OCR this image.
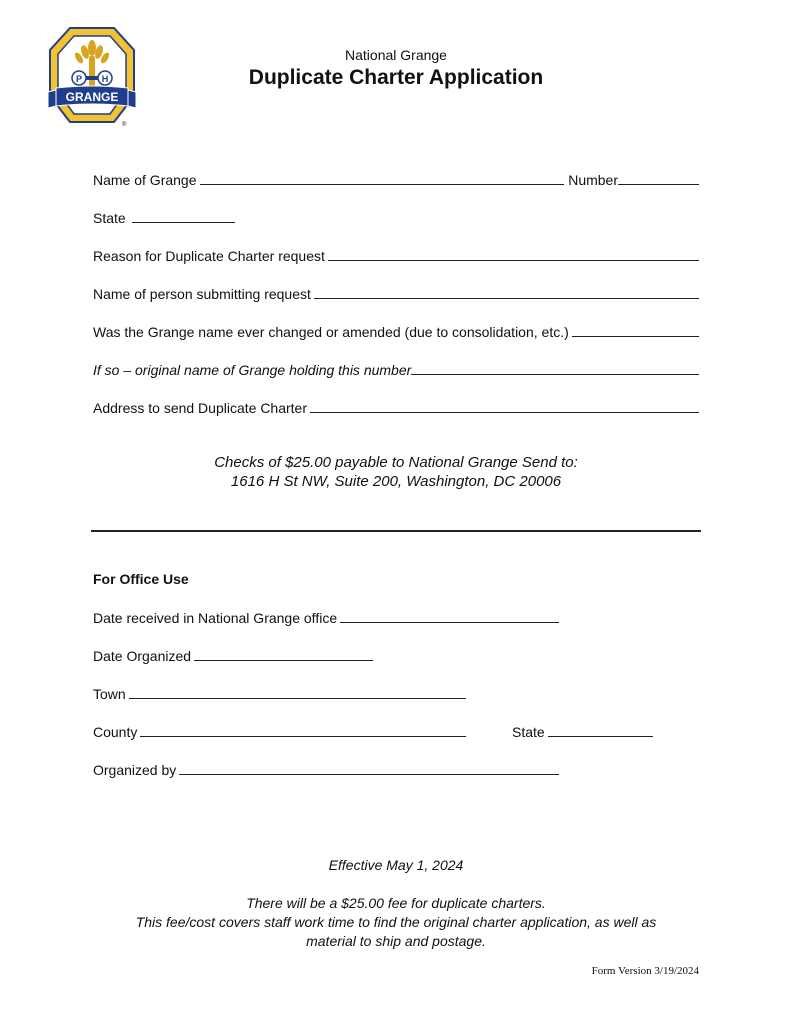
P H
GRANGE
®
National Grange
Duplicate Charter Application
Name of Grange	Number
State
Reason for Duplicate Charter request
Name of person submitting request
Was the Grange name ever changed or amended (due to consolidation, etc.)
If so – original name of Grange holding this number
Address to send Duplicate Charter
Checks of $25.00 payable to National Grange Send to:
1616 H St NW, Suite 200, Washington, DC 20006
For Office Use
Date received in National Grange office
Date Organized
Town
County	State
Organized by
Effective May 1, 2024
There will be a $25.00 fee for duplicate charters.
This fee/cost covers staff work time to find the original charter application, as well as
material to ship and postage.
Form Version 3/19/2024
